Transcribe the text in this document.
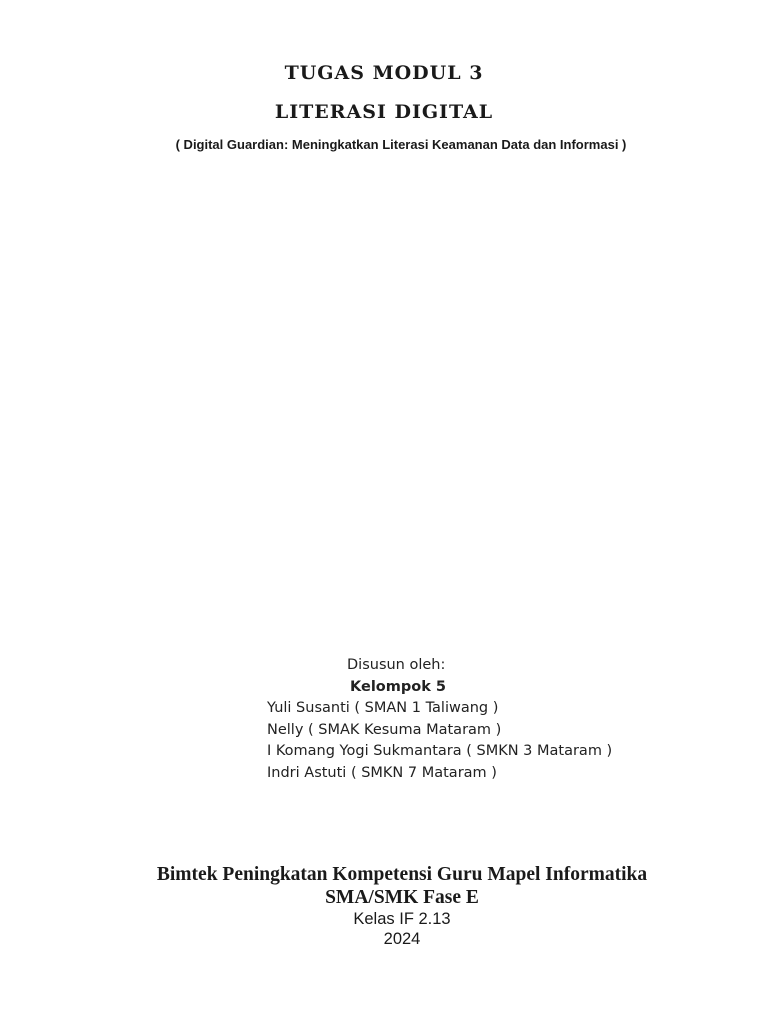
TUGAS MODUL 3
LITERASI DIGITAL

( Digital Guardian: Meningkatkan Literasi Keamanan Data dan Informasi )

Disusun oleh:
Kelompok 5
Yuli Susanti ( SMAN 1 Taliwang )
Nelly ( SMAK Kesuma Mataram )
I Komang Yogi Sukmantara ( SMKN 3 Mataram )
Indri Astuti ( SMKN 7 Mataram )

Bimtek Peningkatan Kompetensi Guru Mapel Informatika

SMA/SMK Fase E

Kelas IF 2.13

2024
